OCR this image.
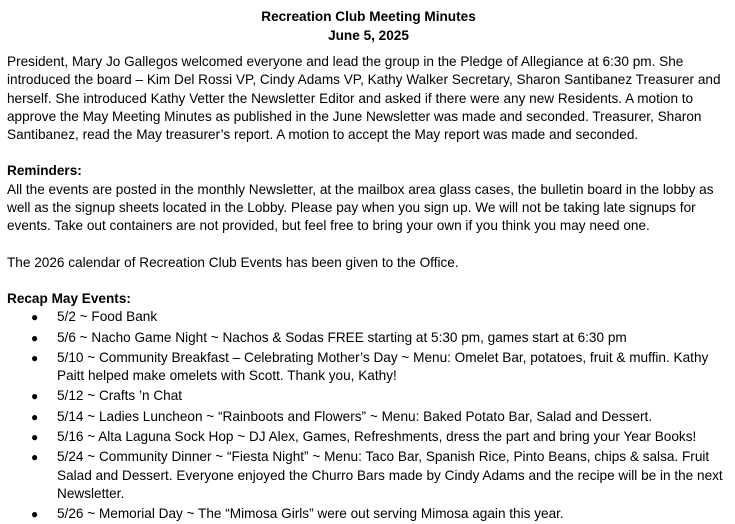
Recreation Club Meeting Minutes
June 5, 2025

President, Mary Jo Gallegos welcomed everyone and lead the group in the Pledge of Allegiance at 6:30 pm. She introduced the board – Kim Del Rossi VP, Cindy Adams VP, Kathy Walker Secretary, Sharon Santibanez Treasurer and herself. She introduced Kathy Vetter the Newsletter Editor and asked if there were any new Residents. A motion to approve the May Meeting Minutes as published in the June Newsletter was made and seconded. Treasurer, Sharon Santibanez, read the May treasurer’s report. A motion to accept the May report was made and seconded.

Reminders:

All the events are posted in the monthly Newsletter, at the mailbox area glass cases, the bulletin board in the lobby as well as the signup sheets located in the Lobby. Please pay when you sign up. We will not be taking late signups for events. Take out containers are not provided, but feel free to bring your own if you think you may need one.

The 2026 calendar of Recreation Club Events has been given to the Office.

Recap May Events:
● 5/2 ~ Food Bank
● 5/6 ~ Nacho Game Night ~ Nachos & Sodas FREE starting at 5:30 pm, games start at 6:30 pm
● 5/10 ~ Community Breakfast – Celebrating Mother’s Day ~ Menu: Omelet Bar, potatoes, fruit & muffin. Kathy Paitt helped make omelets with Scott. Thank you, Kathy!
● 5/12 ~ Crafts ’n Chat
● 5/14 ~ Ladies Luncheon ~ “Rainboots and Flowers” ~ Menu: Baked Potato Bar, Salad and Dessert.
● 5/16 ~ Alta Laguna Sock Hop ~ DJ Alex, Games, Refreshments, dress the part and bring your Year Books!
● 5/24 ~ Community Dinner ~ “Fiesta Night” ~ Menu: Taco Bar, Spanish Rice, Pinto Beans, chips & salsa. Fruit Salad and Dessert. Everyone enjoyed the Churro Bars made by Cindy Adams and the recipe will be in the next Newsletter.
● 5/26 ~ Memorial Day ~ The “Mimosa Girls” were out serving Mimosa again this year.
